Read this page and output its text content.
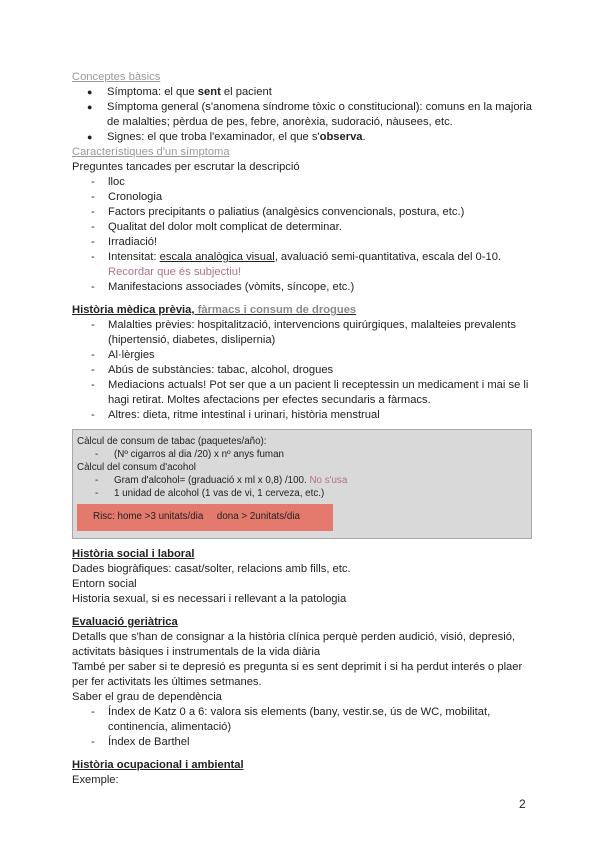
Conceptes bàsics

● Símptoma: el que sent el pacient
● Símptoma general (s'anomena síndrome tòxic o constitucional): comuns en la majoria de malalties; pèrdua de pes, febre, anorèxia, sudoració, nàusees, etc.
● Signes: el que troba l'examinador, el que s'observa.

Característiques d'un símptoma

Preguntes tancades per escrutar la descripció

- lloc
- Cronologia
- Factors precipitants o paliatius (analgèsics convencionals, postura, etc.)
- Qualitat del dolor molt complicat de determinar.
- Irradiació!
- Intensitat: escala analògica visual, avaluació semi-quantitativa, escala del 0-10.
Recordar que és subjectiu!
- Manifestacions associades (vòmits, síncope, etc.)

Història mèdica prèvia, fàrmacs i consum de drogues

- Malalties prèvies: hospitalització, intervencions quirúrgiques, malalteies prevalents (hipertensió, diabetes, dislipernia)
- Al·lèrgies
- Abús de substàncies: tabac, alcohol, drogues
- Mediacions actuals! Pot ser que a un pacient li receptessin un medicament i mai se li hagi retirat. Moltes afectacions per efectes secundaris a fàrmacs.
- Altres: dieta, ritme intestinal i urinari, història menstrual

Càlcul de consum de tabac (paquetes/año):

- (Nº cigarros al dia /20) x nº anys fuman

Càlcul del consum d'acohol

- Gram d'alcohol= (graduació x ml x 0,8) /100. No s'usa
- 1 unidad de alcohol (1 vas de vi, 1 cerveza, etc.)
Risc: home >3 unitats/dia     dona > 2unitats/dia

Història social i laboral

Dades biogràfiques: casat/solter, relacions amb fills, etc.

Entorn social

Historia sexual, si es necessari i rellevant a la patologia

Evaluació geriàtrica

Detalls que s'han de consignar a la història clínica perquè perden audició, visió, depresió, activitats bàsiques i instrumentals de la vida diària

També per saber si te depresió es pregunta si es sent deprimit i si ha perdut interés o plaer per fer activitats les últimes setmanes.

Saber el grau de dependència

- Índex de Katz 0 a 6: valora sis elements (bany, vestir.se, ús de WC, mobilitat, continencia, alimentació)
- Índex de Barthel

Història ocupacional i ambiental

Exemple:

2
